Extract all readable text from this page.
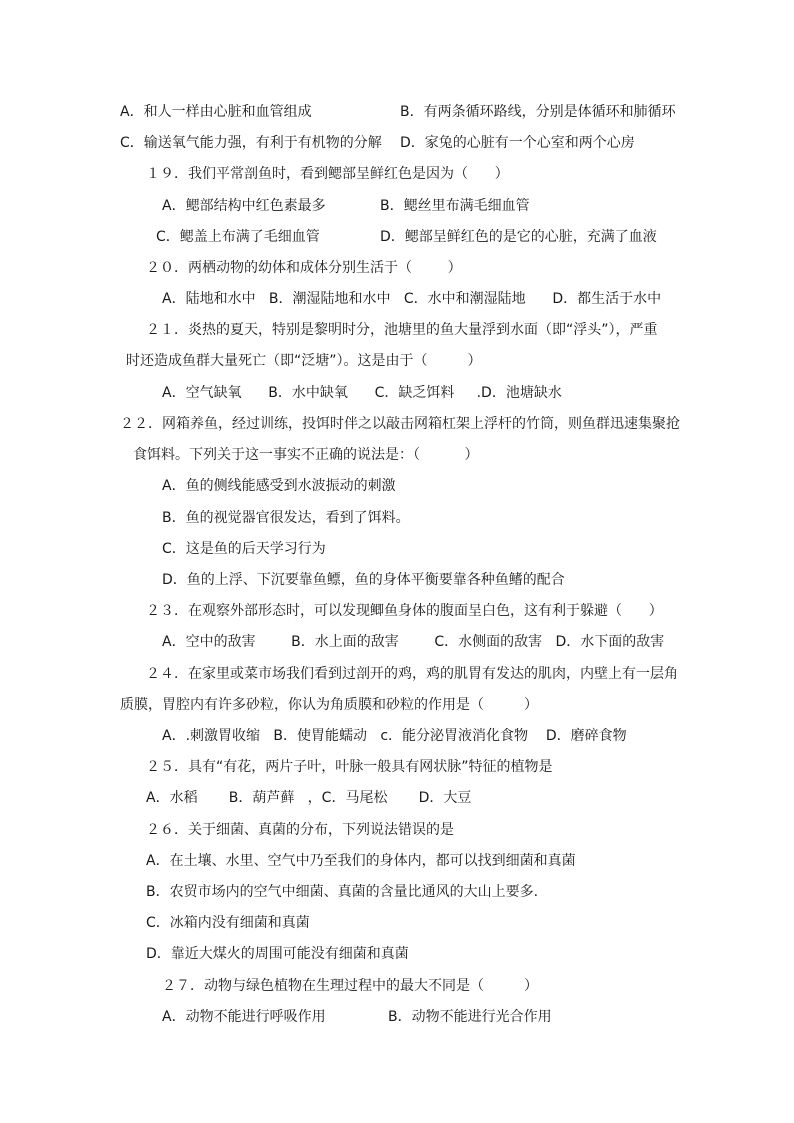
A．和人一样由心脏和血管组成	B．有两条循环路线，分别是体循环和肺循环
C．输送氧气能力强，有利于有机物的分解 D．家兔的心脏有一个心室和两个心房
１９．我们平常剖鱼时，看到鳃部呈鲜红色是因为（      ）
A．鳃部结构中红色素最多	B．鳃丝里布满毛细血管
C．鳃盖上布满了毛细血管	D．鳃部呈鲜红色的是它的心脏，充满了血液
２０．两栖动物的幼体和成体分别生活于（        ）
A．陆地和水中   B．潮湿陆地和水中   C．水中和潮湿陆地      D．都生活于水中
２１．炎热的夏天，特别是黎明时分，池塘里的鱼大量浮到水面（即“浮头”），严重
时还造成鱼群大量死亡（即“泛塘”）。这是由于（         ）
A．空气缺氧      B．水中缺氧      C．缺乏饵料     .D．池塘缺水
２２．网箱养鱼，经过训练，投饵时伴之以敲击网箱杠架上浮杆的竹筒，则鱼群迅速集聚抢
食饵料。下列关于这一事实不正确的说法是：（          ）
A．鱼的侧线能感受到水波振动的刺激
B．鱼的视觉器官很发达，看到了饵料。
C．这是鱼的后天学习行为
D．鱼的上浮、下沉要靠鱼鳔，鱼的身体平衡要靠各种鱼鳍的配合
２３．在观察外部形态时，可以发现鲫鱼身体的腹面呈白色，这有利于躲避（      ）
A．空中的敌害        B．水上面的敌害        C．水侧面的敌害   D．水下面的敌害
２４．在家里或菜市场我们看到过剖开的鸡，鸡的肌胃有发达的肌肉，内壁上有一层角
质膜，胃腔内有许多砂粒，你认为角质膜和砂粒的作用是（         ）
A．.刺激胃收缩   B．使胃能蠕动   c．能分泌胃液消化食物    D．磨碎食物
２５．具有“有花，两片子叶，叶脉一般具有网状脉”特征的植物是
A．水稻       B．葫芦藓   ，C．马尾松       D．大豆
２６．关于细菌、真菌的分布，下列说法错误的是
A．在土壤、水里、空气中乃至我们的身体内，都可以找到细菌和真菌
B．农贸市场内的空气中细菌、真菌的含量比通风的大山上要多.
C．冰箱内没有细菌和真菌
D．靠近大煤火的周围可能没有细菌和真菌
２７．动物与绿色植物在生理过程中的最大不同是（         ）
A．动物不能进行呼吸作用	B．动物不能进行光合作用
